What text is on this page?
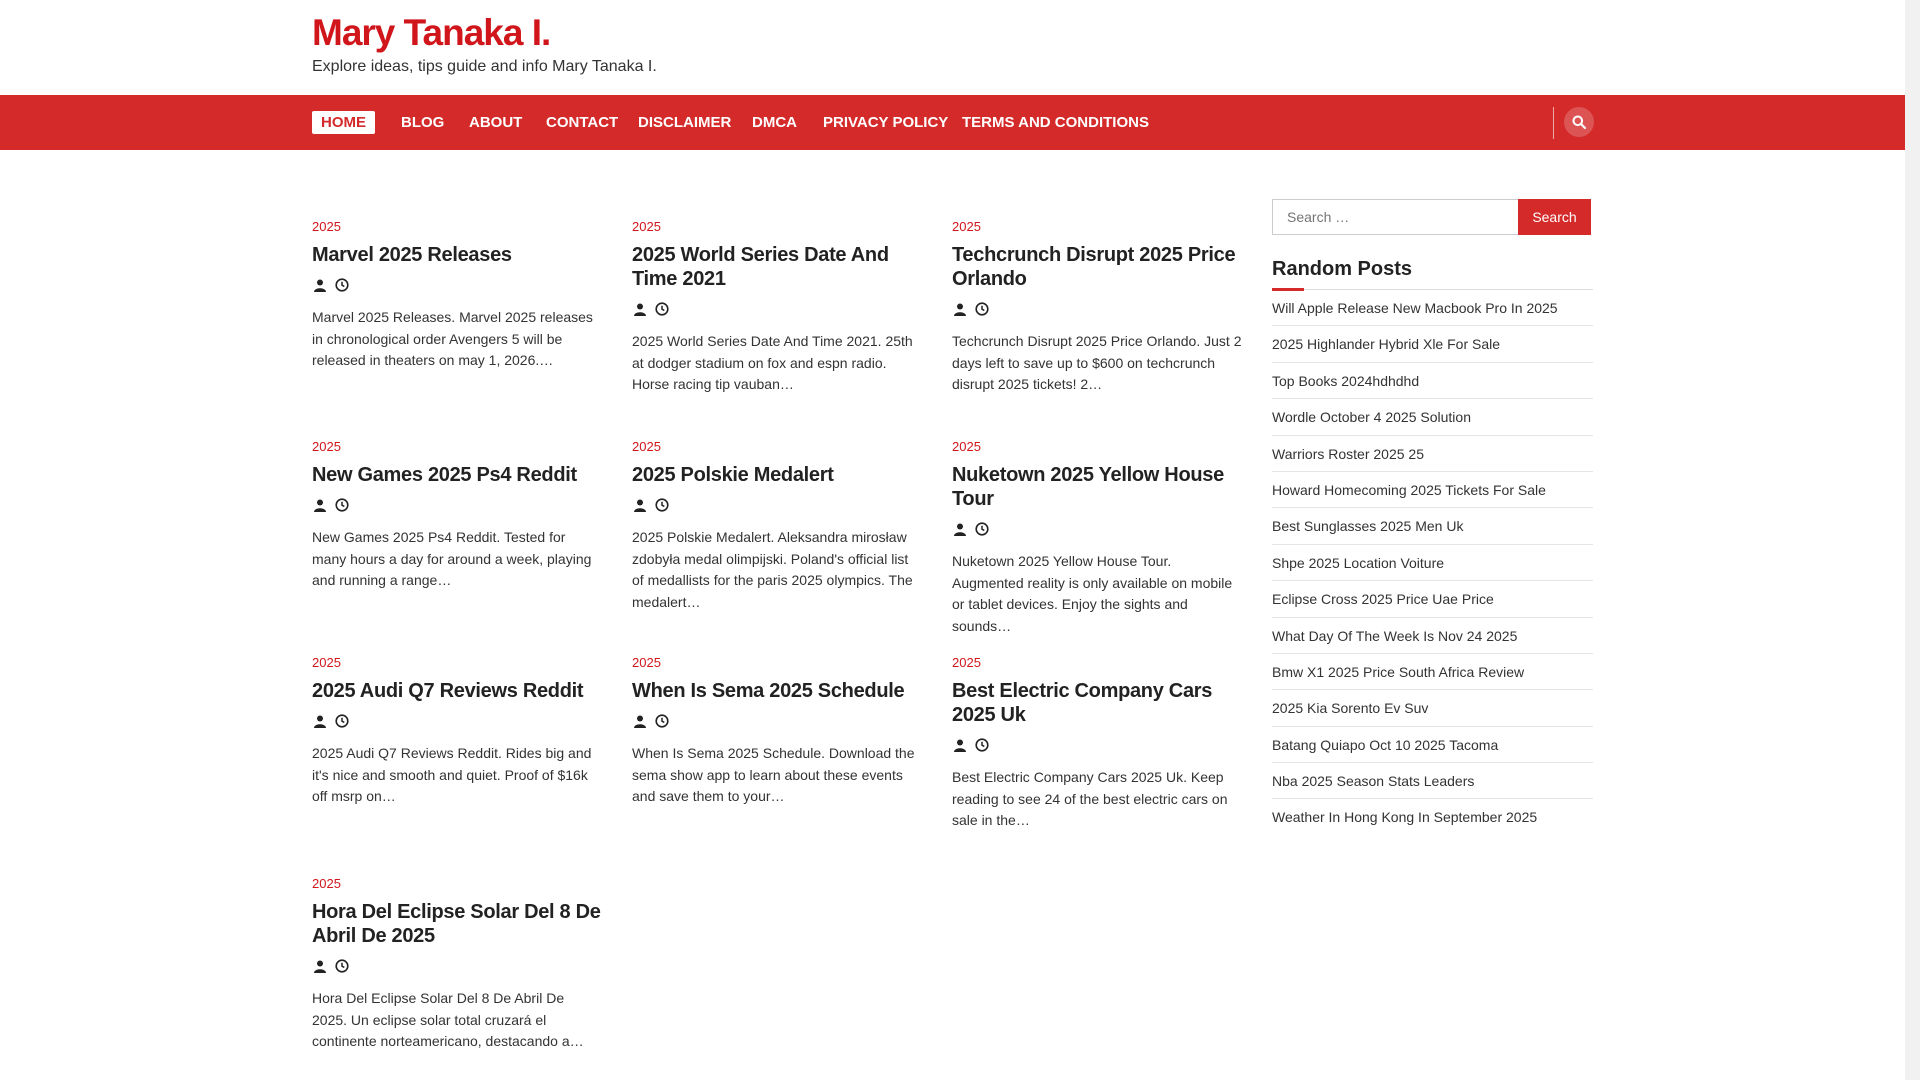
Mary Tanaka I.
Explore ideas, tips guide and info Mary Tanaka I.
HOME	BLOG	ABOUT	CONTACT	DISCLAIMER	DMCA	PRIVACY POLICY TERMS AND CONDITIONS
2025
Marvel 2025 Releases
Marvel 2025 Releases. Marvel 2025 releases in chronological order Avengers 5 will be released in theaters on may 1, 2026.…
2025
2025 World Series Date And Time 2021
2025 World Series Date And Time 2021. 25th at dodger stadium on fox and espn radio. Horse racing tip vauban…
2025
Techcrunch Disrupt 2025 Price Orlando
Techcrunch Disrupt 2025 Price Orlando. Just 2 days left to save up to $600 on techcrunch disrupt 2025 tickets! 2…
2025
New Games 2025 Ps4 Reddit
New Games 2025 Ps4 Reddit. Tested for many hours a day for around a week, playing and running a range…
2025
2025 Polskie Medalert
2025 Polskie Medalert. Aleksandra mirosław zdobyła medal olimpijski. Poland's official list of medallists for the paris 2025 olympics. The medalert…
2025
Nuketown 2025 Yellow House Tour
Nuketown 2025 Yellow House Tour. Augmented reality is only available on mobile or tablet devices. Enjoy the sights and sounds…
2025
2025 Audi Q7 Reviews Reddit
2025 Audi Q7 Reviews Reddit. Rides big and it's nice and smooth and quiet. Proof of $16k off msrp on…
2025
When Is Sema 2025 Schedule
When Is Sema 2025 Schedule. Download the sema show app to learn about these events and save them to your…
2025
Best Electric Company Cars 2025 Uk
Best Electric Company Cars 2025 Uk. Keep reading to see 24 of the best electric cars on sale in the…
2025
Hora Del Eclipse Solar Del 8 De Abril De 2025
Hora Del Eclipse Solar Del 8 De Abril De 2025. Un eclipse solar total cruzará el continente norteamericano, destacando a…
Search …
Search
Random Posts
Will Apple Release New Macbook Pro In 2025
2025 Highlander Hybrid Xle For Sale
Top Books 2024hdhdhd
Wordle October 4 2025 Solution
Warriors Roster 2025 25
Howard Homecoming 2025 Tickets For Sale
Best Sunglasses 2025 Men Uk
Shpe 2025 Location Voiture
Eclipse Cross 2025 Price Uae Price
What Day Of The Week Is Nov 24 2025
Bmw X1 2025 Price South Africa Review
2025 Kia Sorento Ev Suv
Batang Quiapo Oct 10 2025 Tacoma
Nba 2025 Season Stats Leaders
Weather In Hong Kong In September 2025
